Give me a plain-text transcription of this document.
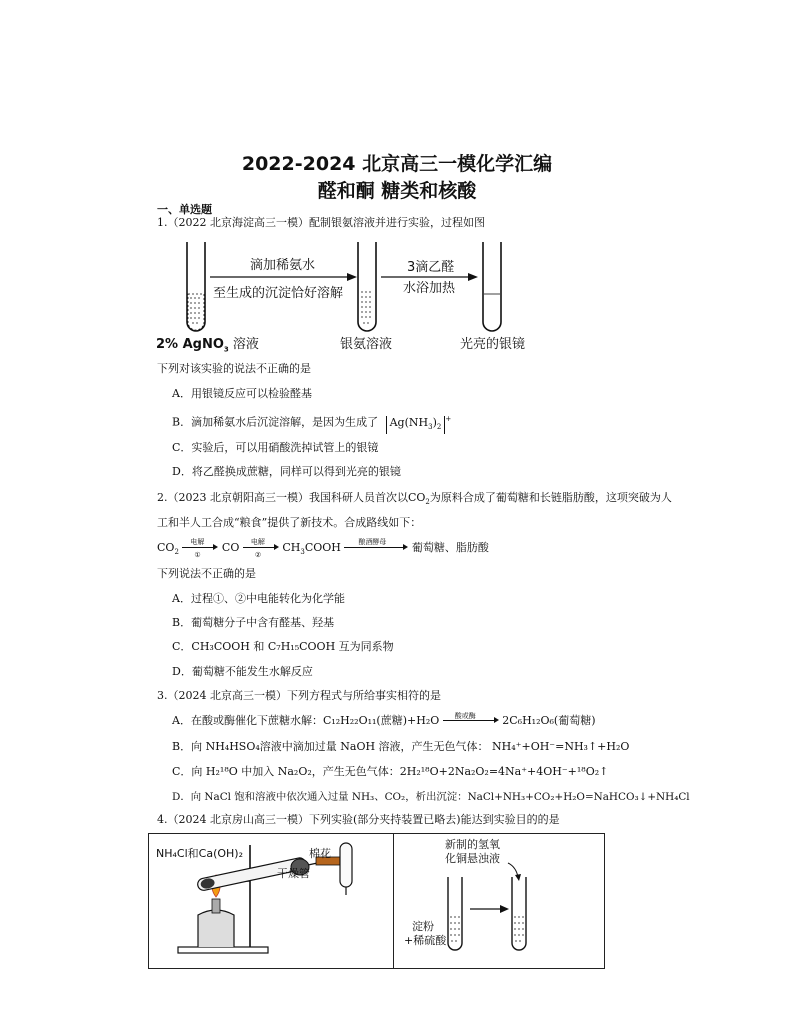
2022-2024 北京高三一模化学汇编
醛和酮 糖类和核酸
一、单选题
1.（2022 北京海淀高三一模）配制银氨溶液并进行实验，过程如图
滴加稀氨水
至生成的沉淀恰好溶解
3滴乙醛
水浴加热
2% AgNO$_3$ 溶液	银氨溶液	光亮的银镜
下列对该实验的说法不正确的是
A．用银镜反应可以检验醛基
B．滴加稀氨水后沉淀溶解，是因为生成了 $Ag(NH_3)_2^+$
C．实验后，可以用硝酸洗掉试管上的银镜
D．将乙醛换成蔗糖，同样可以得到光亮的银镜
2.（2023 北京朝阳高三一模）我国科研人员首次以$CO_2$为原料合成了葡萄糖和长链脂肪酸，这项突破为人
工和半人工合成“粮食”提供了新技术。合成路线如下：
$CO_2$
电解
①
CO 电解
②
$CH_3COOH$	酿酒酵母 葡萄糖、脂肪酸
下列说法不正确的是
A．过程①、②中电能转化为化学能
B．葡萄糖分子中含有醛基、羟基
C．CH₃COOH 和 C₇H₁₅COOH 互为同系物
D．葡萄糖不能发生水解反应
3.（2024 北京高三一模）下列方程式与所给事实相符的是
A．在酸或酶催化下蔗糖水解：C₁₂H₂₂O₁₁(蔗糖)+H₂O 酸或酶 2C₆H₁₂O₆(葡萄糖)
B．向 NH₄HSO₄溶液中滴加过量 NaOH 溶液，产生无色气体： NH₄⁺+OH⁻=NH₃↑+H₂O
C．向 H₂¹⁸O 中加入 Na₂O₂，产生无色气体：2H₂¹⁸O+2Na₂O₂=4Na⁺+4OH⁻+¹⁸O₂↑
D．向 NaCl 饱和溶液中依次通入过量 NH₃、CO₂，析出沉淀：NaCl+NH₃+CO₂+H₂O=NaHCO₃↓+NH₄Cl
4.（2024 北京房山高三一模）下列实验(部分夹持装置已略去)能达到实验目的的是
NH₄Cl和Ca(OH)₂	棉花
干燥管
新制的氢氧
化铜悬浊液
淀粉
+稀硫酸
